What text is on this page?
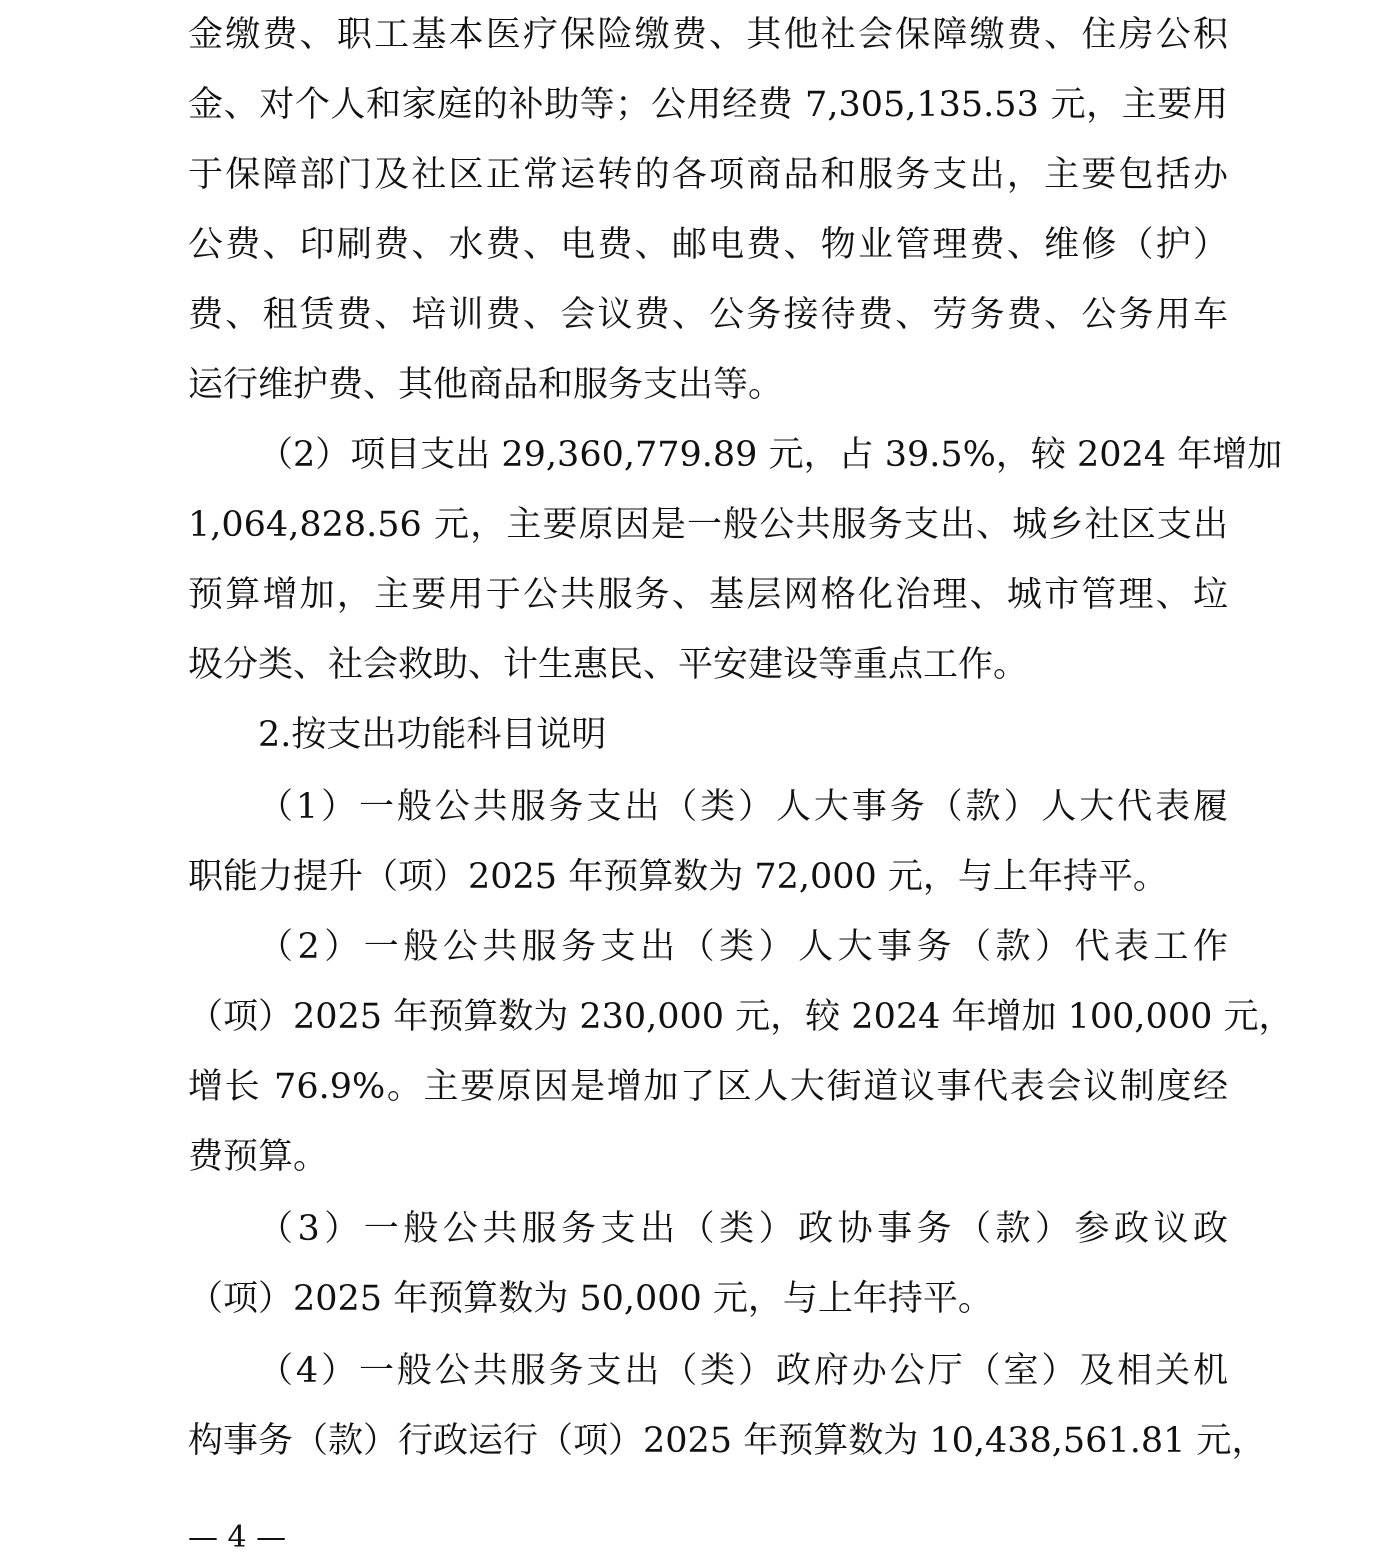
金缴费、职工基本医疗保险缴费、其他社会保障缴费、住房公积
金、对个人和家庭的补助等；公用经费 7,305,135.53 元，主要用
于保障部门及社区正常运转的各项商品和服务支出，主要包括办
公费、印刷费、水费、电费、邮电费、物业管理费、维修（护）
费、租赁费、培训费、会议费、公务接待费、劳务费、公务用车
运行维护费、其他商品和服务支出等。
（2）项目支出 29,360,779.89 元，占 39.5%，较 2024 年增加
1,064,828.56 元，主要原因是一般公共服务支出、城乡社区支出
预算增加，主要用于公共服务、基层网格化治理、城市管理、垃
圾分类、社会救助、计生惠民、平安建设等重点工作。
2.按支出功能科目说明
（1）一般公共服务支出（类）人大事务（款）人大代表履
职能力提升（项）2025 年预算数为 72,000 元，与上年持平。
（2）一般公共服务支出（类）人大事务（款）代表工作
（项）2025 年预算数为 230,000 元，较 2024 年增加 100,000 元，
增长 76.9%。主要原因是增加了区人大街道议事代表会议制度经
费预算。
（3）一般公共服务支出（类）政协事务（款）参政议政
（项）2025 年预算数为 50,000 元，与上年持平。
（4）一般公共服务支出（类）政府办公厅（室）及相关机
构事务（款）行政运行（项）2025 年预算数为 10,438,561.81 元，
— 4 —
